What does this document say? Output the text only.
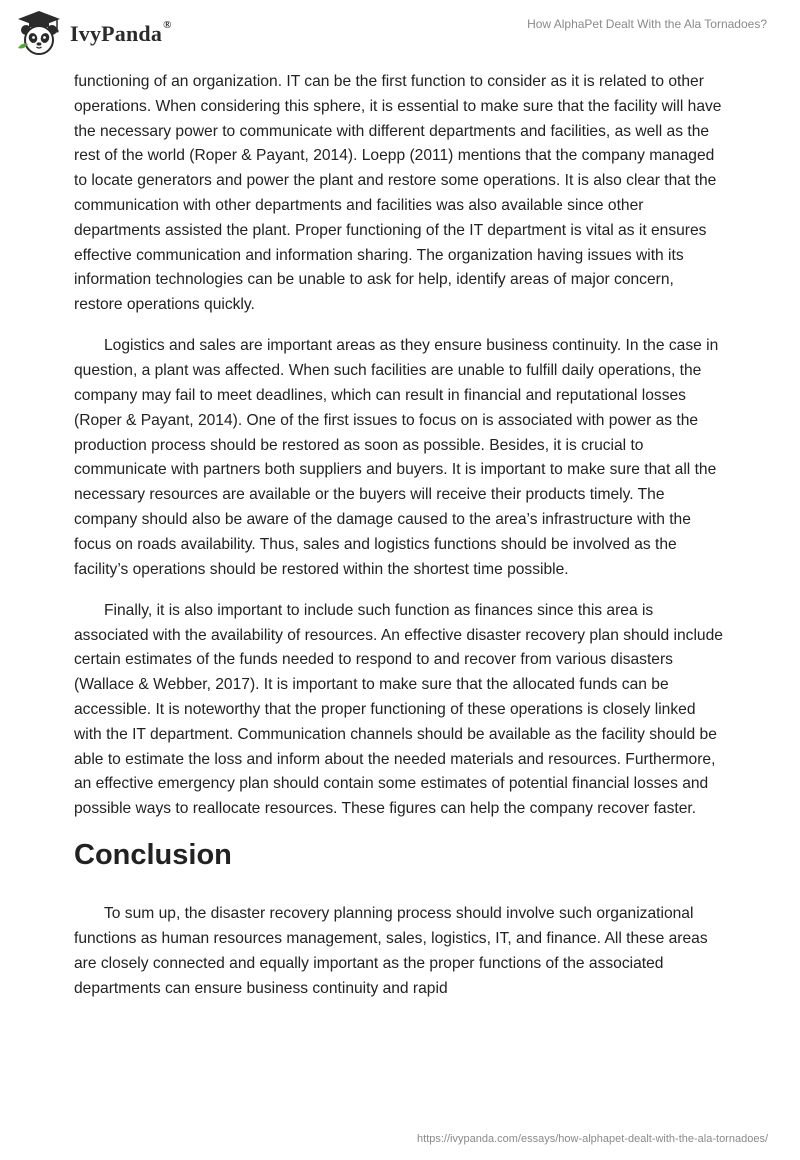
IvyPanda®	How AlphaPet Dealt With the Ala Tornadoes?

functioning of an organization. IT can be the first function to consider as it is related to other operations. When considering this sphere, it is essential to make sure that the facility will have the necessary power to communicate with different departments and facilities, as well as the rest of the world (Roper & Payant, 2014). Loepp (2011) mentions that the company managed to locate generators and power the plant and restore some operations. It is also clear that the communication with other departments and facilities was also available since other departments assisted the plant. Proper functioning of the IT department is vital as it ensures effective communication and information sharing. The organization having issues with its information technologies can be unable to ask for help, identify areas of major concern, restore operations quickly.

Logistics and sales are important areas as they ensure business continuity. In the case in question, a plant was affected. When such facilities are unable to fulfill daily operations, the company may fail to meet deadlines, which can result in financial and reputational losses (Roper & Payant, 2014). One of the first issues to focus on is associated with power as the production process should be restored as soon as possible. Besides, it is crucial to communicate with partners both suppliers and buyers. It is important to make sure that all the necessary resources are available or the buyers will receive their products timely. The company should also be aware of the damage caused to the area’s infrastructure with the focus on roads availability. Thus, sales and logistics functions should be involved as the facility’s operations should be restored within the shortest time possible.

Finally, it is also important to include such function as finances since this area is associated with the availability of resources. An effective disaster recovery plan should include certain estimates of the funds needed to respond to and recover from various disasters (Wallace & Webber, 2017). It is important to make sure that the allocated funds can be accessible. It is noteworthy that the proper functioning of these operations is closely linked with the IT department. Communication channels should be available as the facility should be able to estimate the loss and inform about the needed materials and resources. Furthermore, an effective emergency plan should contain some estimates of potential financial losses and possible ways to reallocate resources. These figures can help the company recover faster.

Conclusion

To sum up, the disaster recovery planning process should involve such organizational functions as human resources management, sales, logistics, IT, and finance. All these areas are closely connected and equally important as the proper functions of the associated departments can ensure business continuity and rapid

https://ivypanda.com/essays/how-alphapet-dealt-with-the-ala-tornadoes/
